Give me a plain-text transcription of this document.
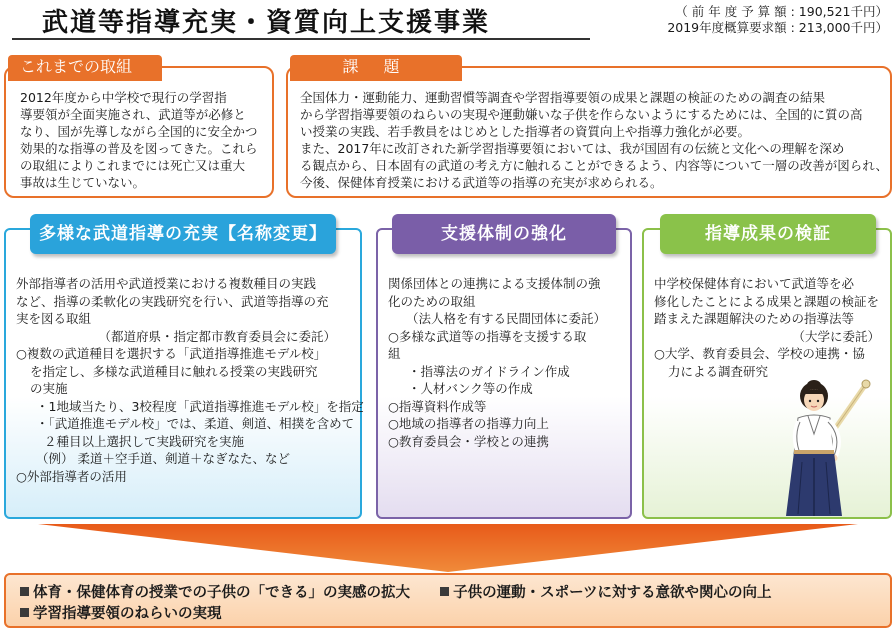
武道等指導充実・資質向上支援事業	（ 前 年 度 予 算 額 : 190,521千円）
2019年度概算要求額 : 213,000千円）
2012年度から中学校で現行の学習指
導要領が全面実施され、武道等が必修と
なり、国が先導しながら全国的に安全かつ
効果的な指導の普及を図ってきた。これら
の取組によりこれまでには死亡又は重大
事故は生じていない。
これまでの取組
全国体力・運動能力、運動習慣等調査や学習指導要領の成果と課題の検証のための調査の結果
から学習指導要領のねらいの実現や運動嫌いな子供を作らないようにするためには、全国的に質の高
い授業の実践、若手教員をはじめとした指導者の資質向上や指導力強化が必要。
また、2017年に改訂された新学習指導要領においては、我が国固有の伝統と文化への理解を深め
る観点から、日本固有の武道の考え方に触れることができるよう、内容等について一層の改善が図られ、
今後、保健体育授業における武道等の指導の充実が求められる。
課 題
外部指導者の活用や武道授業における複数種目の実践
など、指導の柔軟化の実践研究を行い、武道等指導の充
実を図る取組
（都道府県・指定都市教育委員会に委託）
○複数の武道種目を選択する「武道指導推進モデル校」
を指定し、多様な武道種目に触れる授業の実践研究
の実施
・1地域当たり、3校程度「武道指導推進モデル校」を指定
・「武道推進モデル校」では、柔道、剣道、相撲を含めて
２種目以上選択して実践研究を実施
（例） 柔道＋空手道、剣道＋なぎなた、など
○外部指導者の活用
多様な武道指導の充実【名称変更】
関係団体との連携による支援体制の強
化のための取組
（法人格を有する民間団体に委託）
○多様な武道等の指導を支援する取
組
・指導法のガイドライン作成
・人材バンク等の作成
○指導資料作成等
○地域の指導者の指導力向上
○教育委員会・学校との連携
支援体制の強化
中学校保健体育において武道等を必
修化したことによる成果と課題の検証を
踏まえた課題解決のための指導法等
（大学に委託）
○大学、教育委員会、学校の連携・協
力による調査研究
指導成果の検証
体育・保健体育の授業での子供の「できる」の実感の拡大	子供の運動・スポーツに対する意欲や関心の向上
学習指導要領のねらいの実現
